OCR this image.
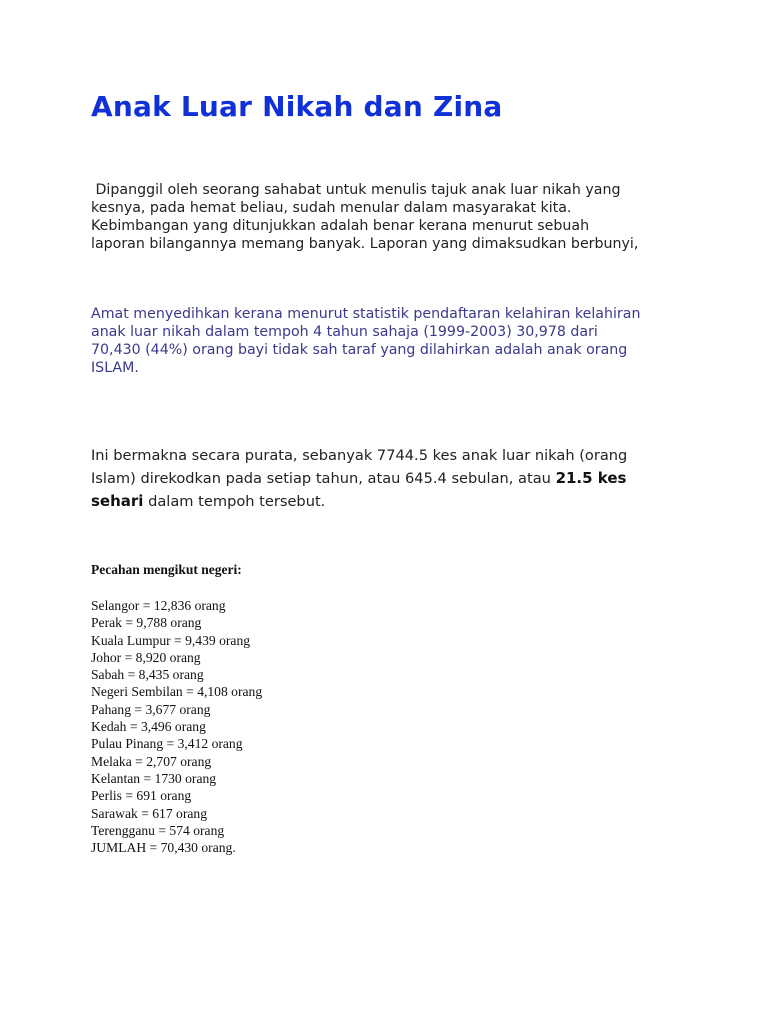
Anak Luar Nikah dan Zina

Dipanggil oleh seorang sahabat untuk menulis tajuk anak luar nikah yang
kesnya, pada hemat beliau, sudah menular dalam masyarakat kita.
Kebimbangan yang ditunjukkan adalah benar kerana menurut sebuah
laporan bilangannya memang banyak. Laporan yang dimaksudkan berbunyi,

Amat menyedihkan kerana menurut statistik pendaftaran kelahiran kelahiran
anak luar nikah dalam tempoh 4 tahun sahaja (1999-2003) 30,978 dari
70,430 (44%) orang bayi tidak sah taraf yang dilahirkan adalah anak orang
ISLAM.

Ini bermakna secara purata, sebanyak 7744.5 kes anak luar nikah (orang
Islam) direkodkan pada setiap tahun, atau 645.4 sebulan, atau 21.5 kes
sehari dalam tempoh tersebut.

Pecahan mengikut negeri:
Selangor = 12,836 orang
Perak = 9,788 orang
Kuala Lumpur = 9,439 orang
Johor = 8,920 orang
Sabah = 8,435 orang
Negeri Sembilan = 4,108 orang
Pahang = 3,677 orang
Kedah = 3,496 orang
Pulau Pinang = 3,412 orang
Melaka = 2,707 orang
Kelantan = 1730 orang
Perlis = 691 orang
Sarawak = 617 orang
Terengganu = 574 orang
JUMLAH = 70,430 orang.
